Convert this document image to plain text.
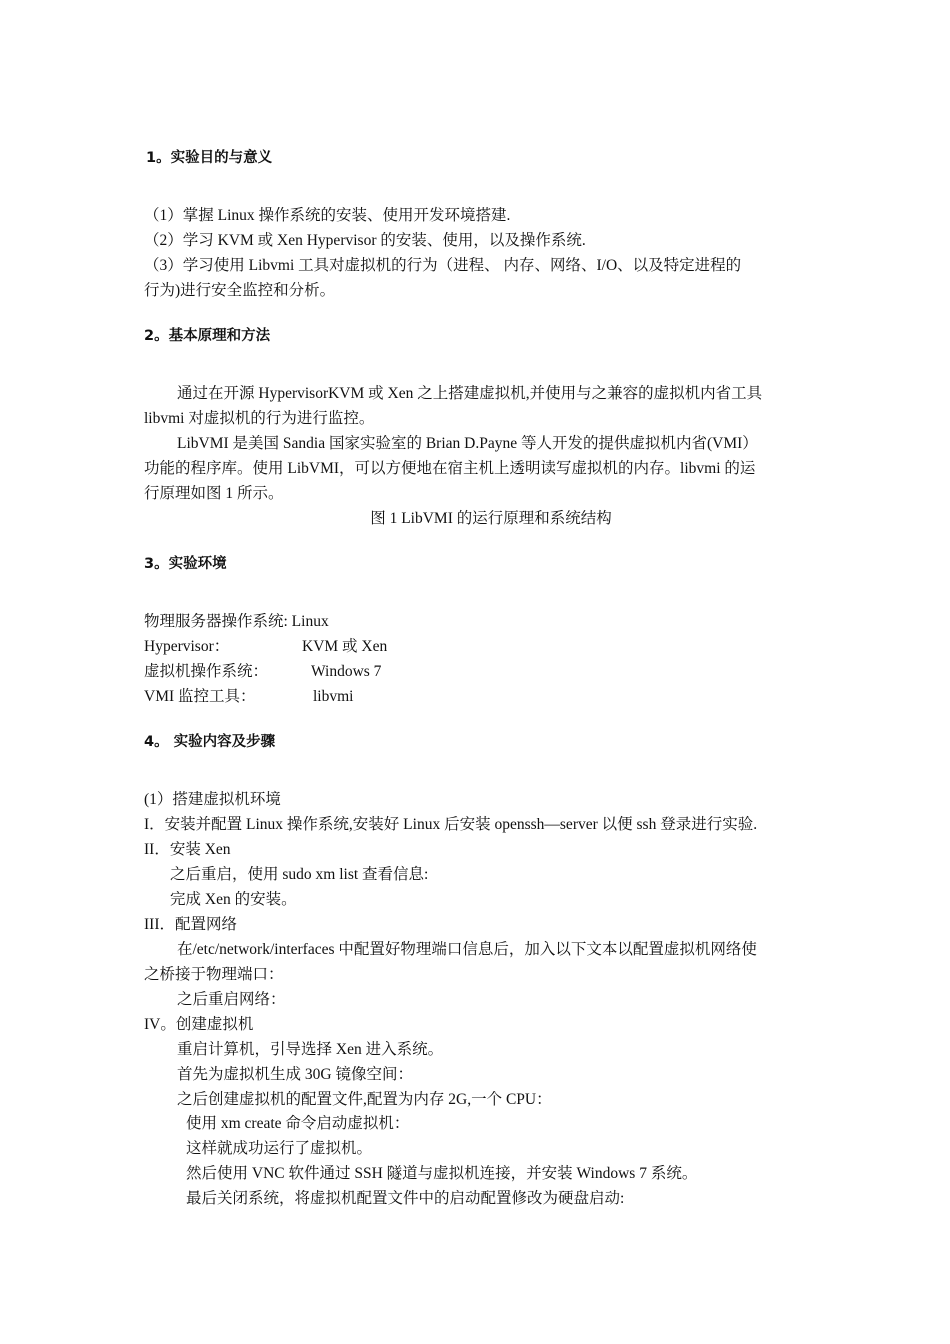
1。实验目的与意义
（1）掌握 Linux 操作系统的安装、使用开发环境搭建.
（2）学习 KVM 或 Xen Hypervisor 的安装、使用，以及操作系统.
（3）学习使用 Libvmi 工具对虚拟机的行为（进程、 内存、网络、I/O、以及特定进程的
行为)进行安全监控和分析。
2。基本原理和方法
通过在开源 HypervisorKVM 或 Xen 之上搭建虚拟机,并使用与之兼容的虚拟机内省工具
libvmi 对虚拟机的行为进行监控。
LibVMI 是美国 Sandia 国家实验室的 Brian D.Payne 等人开发的提供虚拟机内省(VMI）
功能的程序库。使用 LibVMI，可以方便地在宿主机上透明读写虚拟机的内存。libvmi 的运
行原理如图 1 所示。
图 1 LibVMI 的运行原理和系统结构
3。实验环境
物理服务器操作系统: Linux
Hypervisor：	KVM 或 Xen
虚拟机操作系统：	Windows 7
VMI 监控工具：	libvmi
4。 实验内容及步骤
(1）搭建虚拟机环境
I．安装并配置 Linux 操作系统,安装好 Linux 后安装 openssh—server 以便 ssh 登录进行实验.
II．安装 Xen
之后重启，使用 sudo xm list 查看信息:
完成 Xen 的安装。
III．配置网络
在/etc/network/interfaces 中配置好物理端口信息后，加入以下文本以配置虚拟机网络使
之桥接于物理端口：
之后重启网络：
IV。创建虚拟机
重启计算机，引导选择 Xen 进入系统。
首先为虚拟机生成 30G 镜像空间：
之后创建虚拟机的配置文件,配置为内存 2G,一个 CPU：
使用 xm create 命令启动虚拟机：
这样就成功运行了虚拟机。
然后使用 VNC 软件通过 SSH 隧道与虚拟机连接，并安装 Windows 7 系统。
最后关闭系统，将虚拟机配置文件中的启动配置修改为硬盘启动:
